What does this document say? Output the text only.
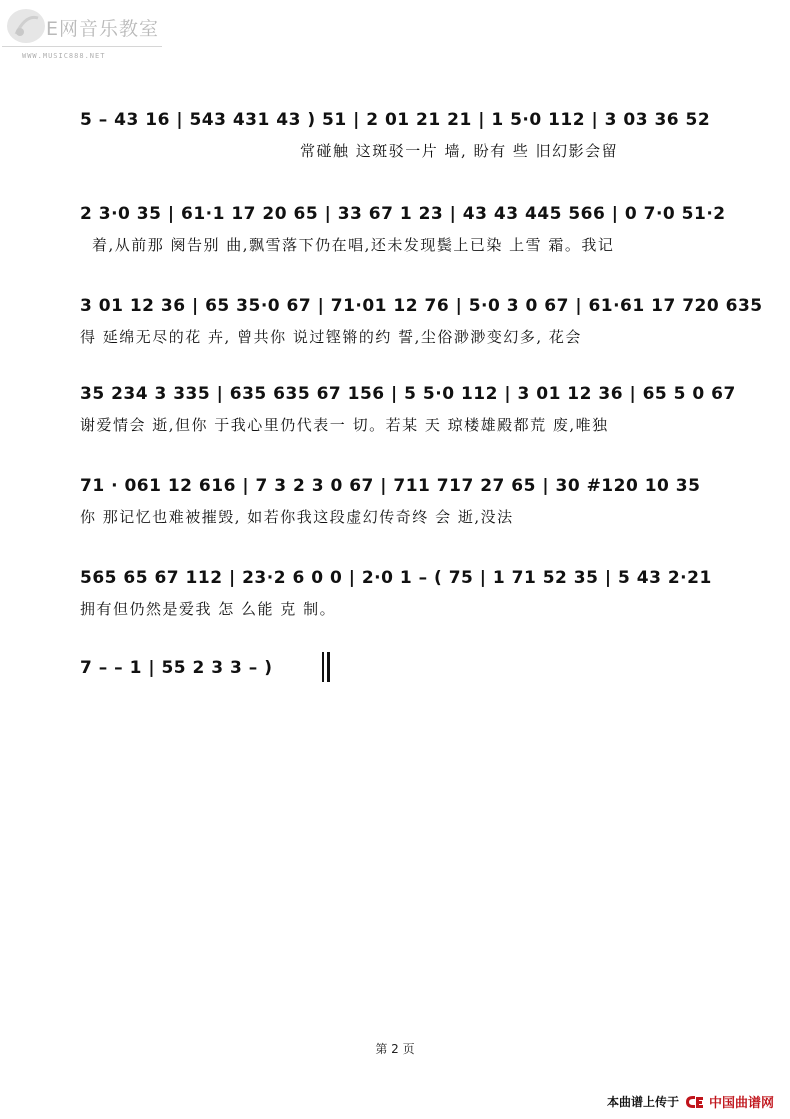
E网音乐教室
WWW.MUSIC888.NET
5 – 43 16 | 543 431 43 ) 51 | 2 01 21 21 | 1 5·0 112 | 3 03 36 52
常碰触 这斑驳一片 墙, 盼有 些 旧幻影会留
2 3·0 35 | 61·1 17 20 65 | 33 67 1 23 | 43 43 445 566 | 0 7·0 51·2
着,从前那 阕告别 曲,飘雪落下仍在唱,还未发现鬓上已染 上雪 霜。我记
3 01 12 36 | 65 35·0 67 | 71·01 12 76 | 5·0 3 0 67 | 61·61 17 720 635
得 延绵无尽的花 卉, 曾共你 说过铿锵的约 誓,尘俗渺渺变幻多, 花会
35 234 3 335 | 635 635 67 156 | 5 5·0 112 | 3 01 12 36 | 65 5 0 67
谢爱情会 逝,但你 于我心里仍代表一 切。若某 天 琼楼雄殿都荒 废,唯独
71 · 061 12 616 | 7 3 2 3 0 67 | 711 717 27 65 | 30 #120 10 35
你 那记忆也难被摧毁, 如若你我这段虚幻传奇终 会 逝,没法
565 65 67 112 | 23·2 6 0 0 | 2·0 1 – ( 75 | 1 71 52 35 | 5 43 2·21
拥有但仍然是爱我 怎 么能 克 制。
7 – – 1 | 55 2 3 3 – )
第 2 页
本曲谱上传于 中国曲谱网
